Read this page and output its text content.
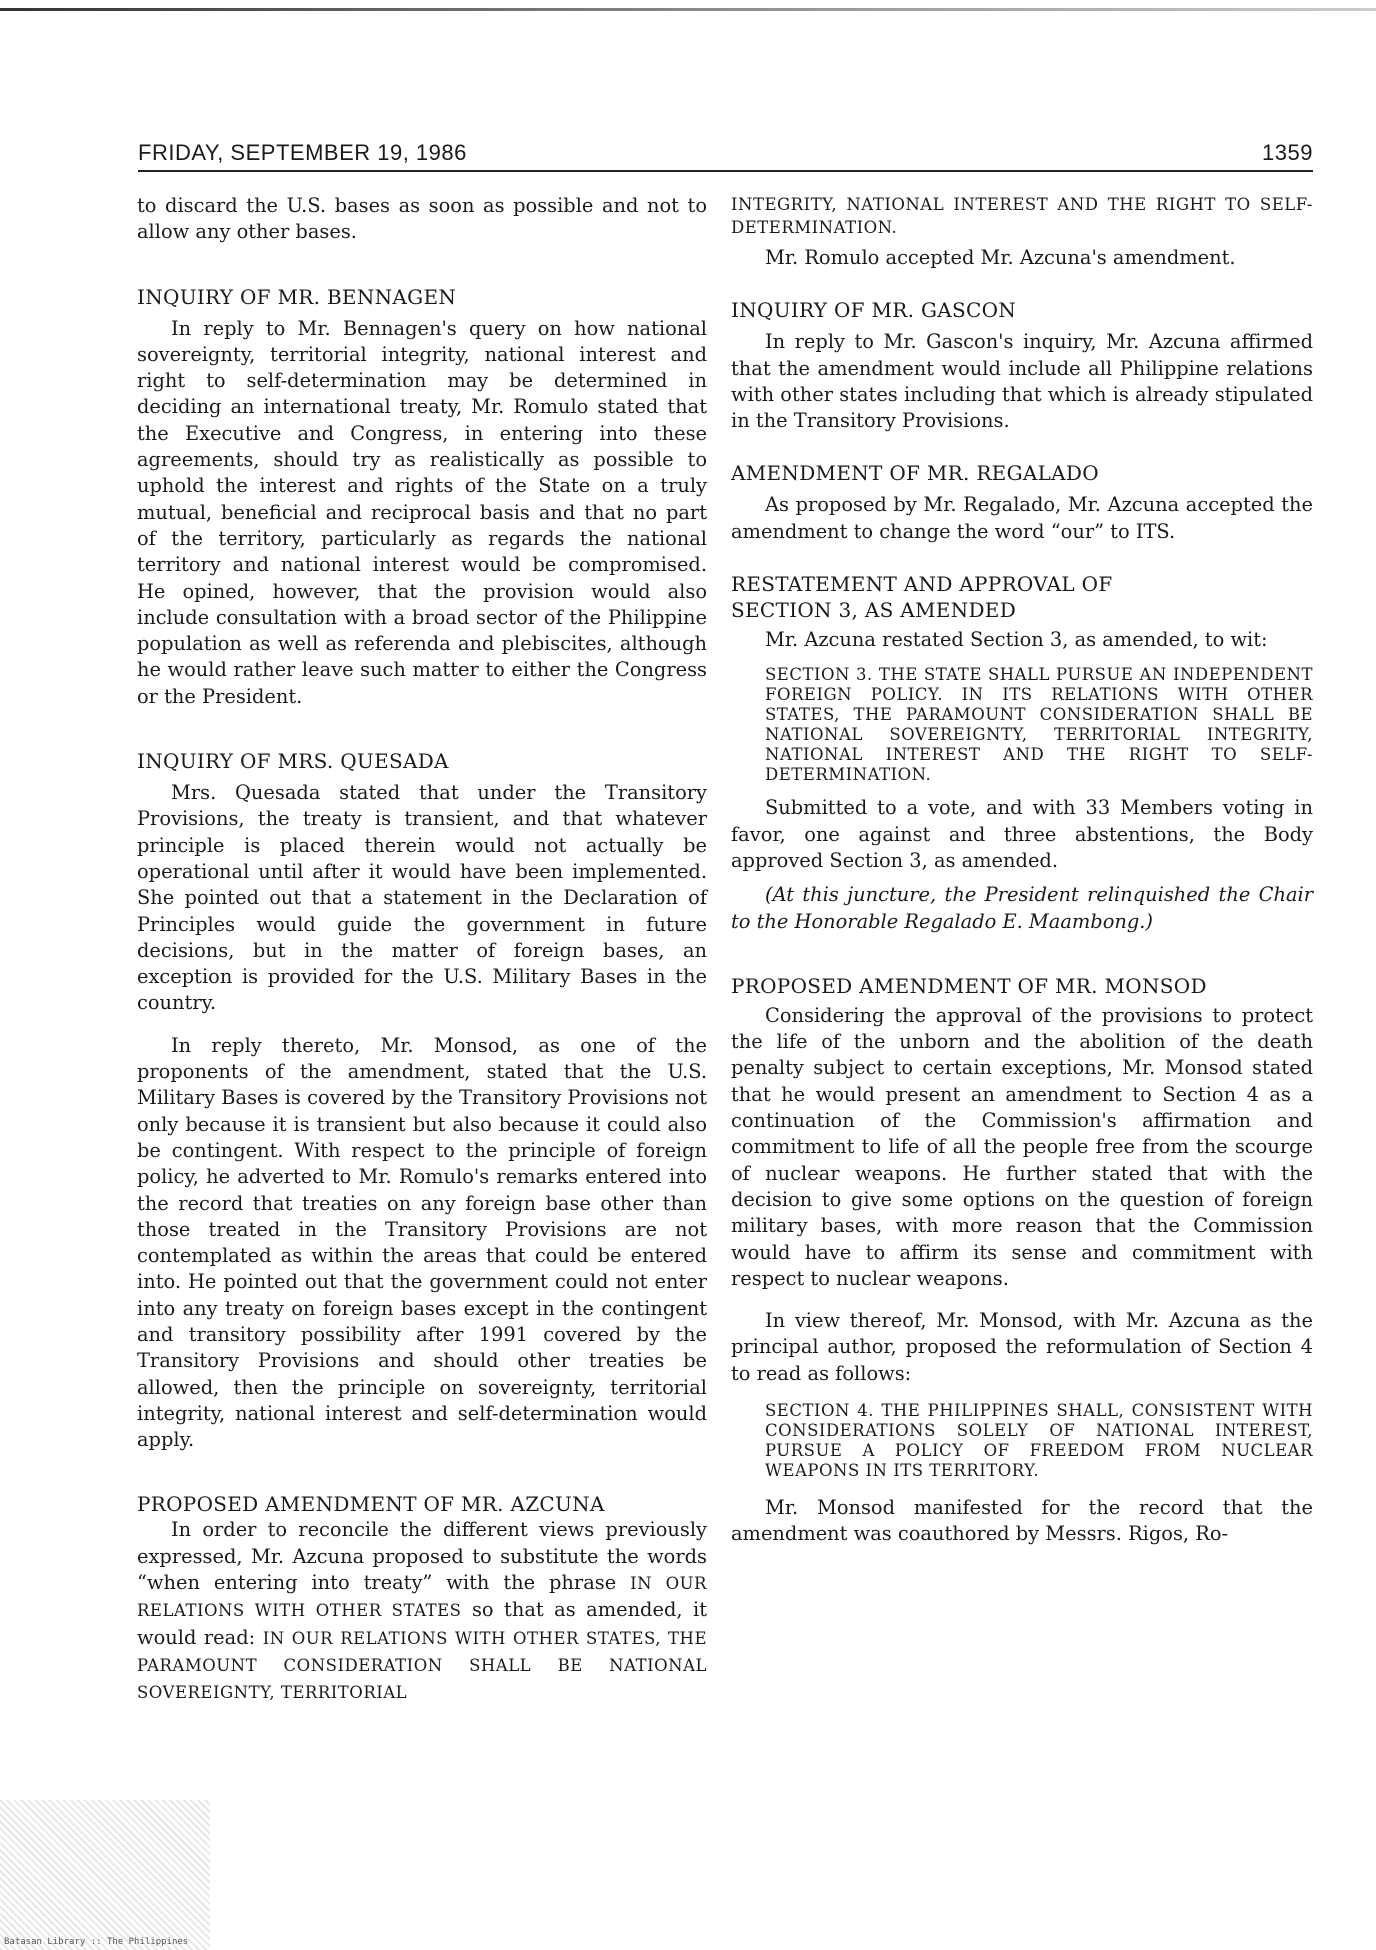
FRIDAY, SEPTEMBER 19, 1986	1359

to discard the U.S. bases as soon as possible and not to allow any other bases.

INQUIRY OF MR. BENNAGEN

In reply to Mr. Bennagen's query on how national sovereignty, territorial integrity, national interest and right to self-determination may be determined in deciding an international treaty, Mr. Romulo stated that the Executive and Congress, in entering into these agreements, should try as realistically as possible to uphold the interest and rights of the State on a truly mutual, beneficial and reciprocal basis and that no part of the territory, particularly as regards the national territory and national interest would be compromised. He opined, however, that the provision would also include consultation with a broad sector of the Philippine population as well as referenda and plebiscites, although he would rather leave such matter to either the Congress or the President.

INQUIRY OF MRS. QUESADA

Mrs. Quesada stated that under the Transitory Provisions, the treaty is transient, and that whatever principle is placed therein would not actually be operational until after it would have been implemented. She pointed out that a statement in the Declaration of Principles would guide the government in future decisions, but in the matter of foreign bases, an exception is provided for the U.S. Military Bases in the country.

In reply thereto, Mr. Monsod, as one of the proponents of the amendment, stated that the U.S. Military Bases is covered by the Transitory Provisions not only because it is transient but also because it could also be contingent. With respect to the principle of foreign policy, he adverted to Mr. Romulo's remarks entered into the record that treaties on any foreign base other than those treated in the Transitory Provisions are not contemplated as within the areas that could be entered into. He pointed out that the government could not enter into any treaty on foreign bases except in the contingent and transitory possibility after 1991 covered by the Transitory Provisions and should other treaties be allowed, then the principle on sovereignty, territorial integrity, national interest and self-determination would apply.

PROPOSED AMENDMENT OF MR. AZCUNA

In order to reconcile the different views previously expressed, Mr. Azcuna proposed to substitute the words “when entering into treaty” with the phrase IN OUR RELATIONS WITH OTHER STATES so that as amended, it would read: IN OUR RELATIONS WITH OTHER STATES, THE PARAMOUNT CONSIDERATION SHALL BE NATIONAL SOVEREIGNTY, TERRITORIAL

INTEGRITY, NATIONAL INTEREST AND THE RIGHT TO SELF-DETERMINATION.

Mr. Romulo accepted Mr. Azcuna's amendment.

INQUIRY OF MR. GASCON

In reply to Mr. Gascon's inquiry, Mr. Azcuna affirmed that the amendment would include all Philippine relations with other states including that which is already stipulated in the Transitory Provisions.

AMENDMENT OF MR. REGALADO

As proposed by Mr. Regalado, Mr. Azcuna accepted the amendment to change the word “our” to ITS.

RESTATEMENT AND APPROVAL OF
SECTION 3, AS AMENDED

Mr. Azcuna restated Section 3, as amended, to wit:

SECTION 3. THE STATE SHALL PURSUE AN INDEPENDENT FOREIGN POLICY. IN ITS RELATIONS WITH OTHER STATES, THE PARAMOUNT CONSIDERATION SHALL BE NATIONAL SOVEREIGNTY, TERRITORIAL INTEGRITY, NATIONAL INTEREST AND THE RIGHT TO SELF-DETERMINATION.

Submitted to a vote, and with 33 Members voting in favor, one against and three abstentions, the Body approved Section 3, as amended.

(At this juncture, the President relinquished the Chair to the Honorable Regalado E. Maambong.)

PROPOSED AMENDMENT OF MR. MONSOD

Considering the approval of the provisions to protect the life of the unborn and the abolition of the death penalty subject to certain exceptions, Mr. Monsod stated that he would present an amendment to Section 4 as a continuation of the Commission's affirmation and commitment to life of all the people free from the scourge of nuclear weapons. He further stated that with the decision to give some options on the question of foreign military bases, with more reason that the Commission would have to affirm its sense and commitment with respect to nuclear weapons.

In view thereof, Mr. Monsod, with Mr. Azcuna as the principal author, proposed the reformulation of Section 4 to read as follows:

SECTION 4. THE PHILIPPINES SHALL, CONSISTENT WITH CONSIDERATIONS SOLELY OF NATIONAL INTEREST, PURSUE A POLICY OF FREEDOM FROM NUCLEAR WEAPONS IN ITS TERRITORY.

Mr. Monsod manifested for the record that the amendment was coauthored by Messrs. Rigos, Ro-

Batasan Library :: The Philippines
